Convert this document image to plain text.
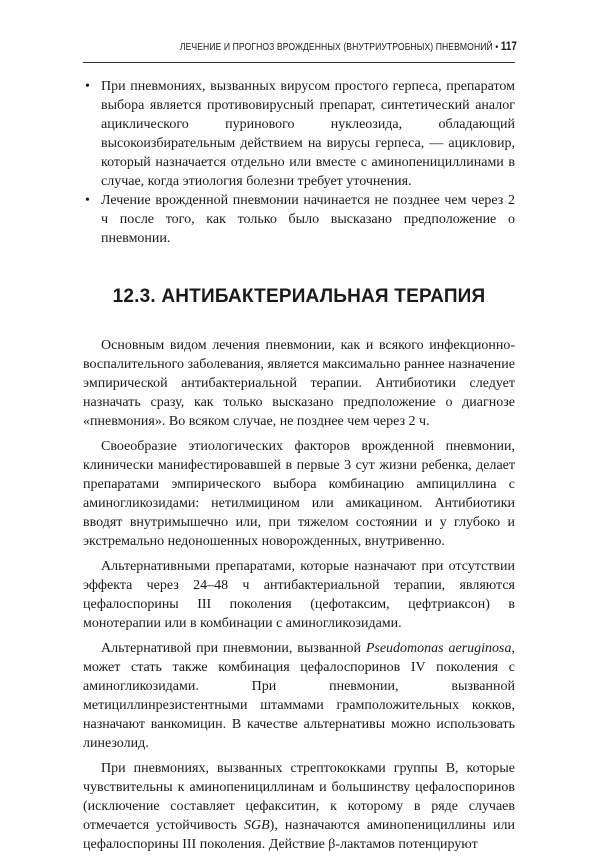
ЛЕЧЕНИЕ И ПРОГНОЗ ВРОЖДЕННЫХ (ВНУТРИУТРОБНЫХ) ПНЕВМОНИЙ • 117
• При пневмониях, вызванных вирусом простого герпеса, препаратом выбора является противовирусный препарат, синтетический аналог ациклического пуринового нуклеозида, обладающий высокоизбирательным действием на вирусы герпеса, — ацикловир, который назначается отдельно или вместе с аминопенициллинами в случае, когда этиология болезни требует уточнения.
• Лечение врожденной пневмонии начинается не позднее чем через 2 ч после того, как только было высказано предположение о пневмонии.
12.3. АНТИБАКТЕРИАЛЬНАЯ ТЕРАПИЯ

Основным видом лечения пневмонии, как и всякого инфекционно-воспалительного заболевания, является максимально раннее назначение эмпирической антибактериальной терапии. Антибиотики следует назначать сразу, как только высказано предположение о диагнозе «пневмония». Во всяком случае, не позднее чем через 2 ч.

Своеобразие этиологических факторов врожденной пневмонии, клинически манифестировавшей в первые 3 сут жизни ребенка, делает препаратами эмпирического выбора комбинацию ампициллина с аминогликозидами: нетилмицином или амикацином. Антибиотики вводят внутримышечно или, при тяжелом состоянии и у глубоко и экстремально недоношенных новорожденных, внутривенно.

Альтернативными препаратами, которые назначают при отсутствии эффекта через 24–48 ч антибактериальной терапии, являются цефалоспорины III поколения (цефотаксим, цефтриаксон) в монотерапии или в комбинации с аминогликозидами.

Альтернативой при пневмонии, вызванной Pseudomonas aeruginosa, может стать также комбинация цефалоспоринов IV поколения с аминогликозидами. При пневмонии, вызванной метициллинрезистентными штаммами грамположительных кокков, назначают ванкомицин. В качестве альтернативы можно использовать линезолид.

При пневмониях, вызванных стрептококками группы В, которые чувствительны к аминопенициллинам и большинству цефалоспоринов (исключение составляет цефакситин, к которому в ряде случаев отмечается устойчивость SGB), назначаются аминопенициллины или цефалоспорины III поколения. Действие β-лактамов потенцируют
